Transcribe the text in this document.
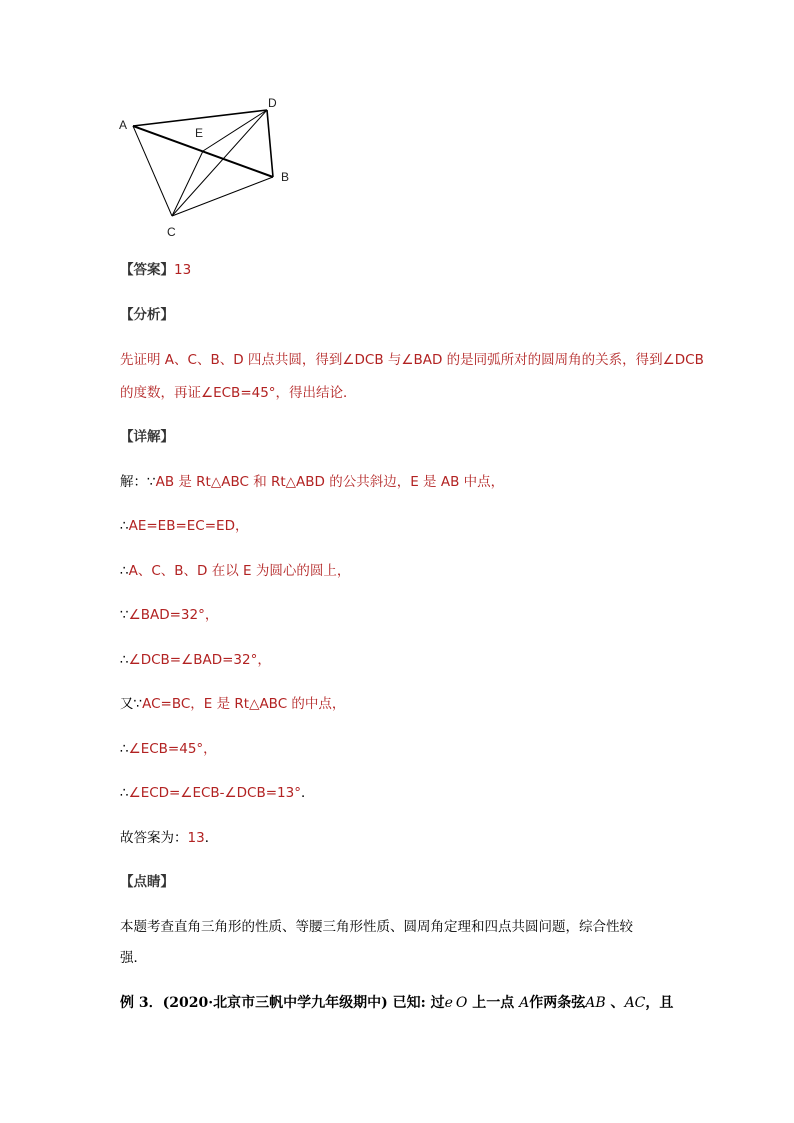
A
D
B
C
E
【答案】13
【分析】
先证明 A、C、B、D 四点共圆，得到∠DCB 与∠BAD 的是同弧所对的圆周角的关系，得到∠DCB
的度数，再证∠ECB=45°，得出结论．
【详解】
解：∵AB 是 Rt△ABC 和 Rt△ABD 的公共斜边，E 是 AB 中点，
∴AE=EB=EC=ED，
∴A、C、B、D 在以 E 为圆心的圆上，
∵∠BAD=32°，
∴∠DCB=∠BAD=32°，
又∵AC=BC，E 是 Rt△ABC 的中点，
∴∠ECB=45°，
∴∠ECD=∠ECB-∠DCB=13°．
故答案为：13．
【点睛】
本题考查直角三角形的性质、等腰三角形性质、圆周角定理和四点共圆问题，综合性较
强．
例 3．(2020·北京市三帆中学九年级期中) 已知: 过e O 上一点 A作两条弦AB 、AC，且
